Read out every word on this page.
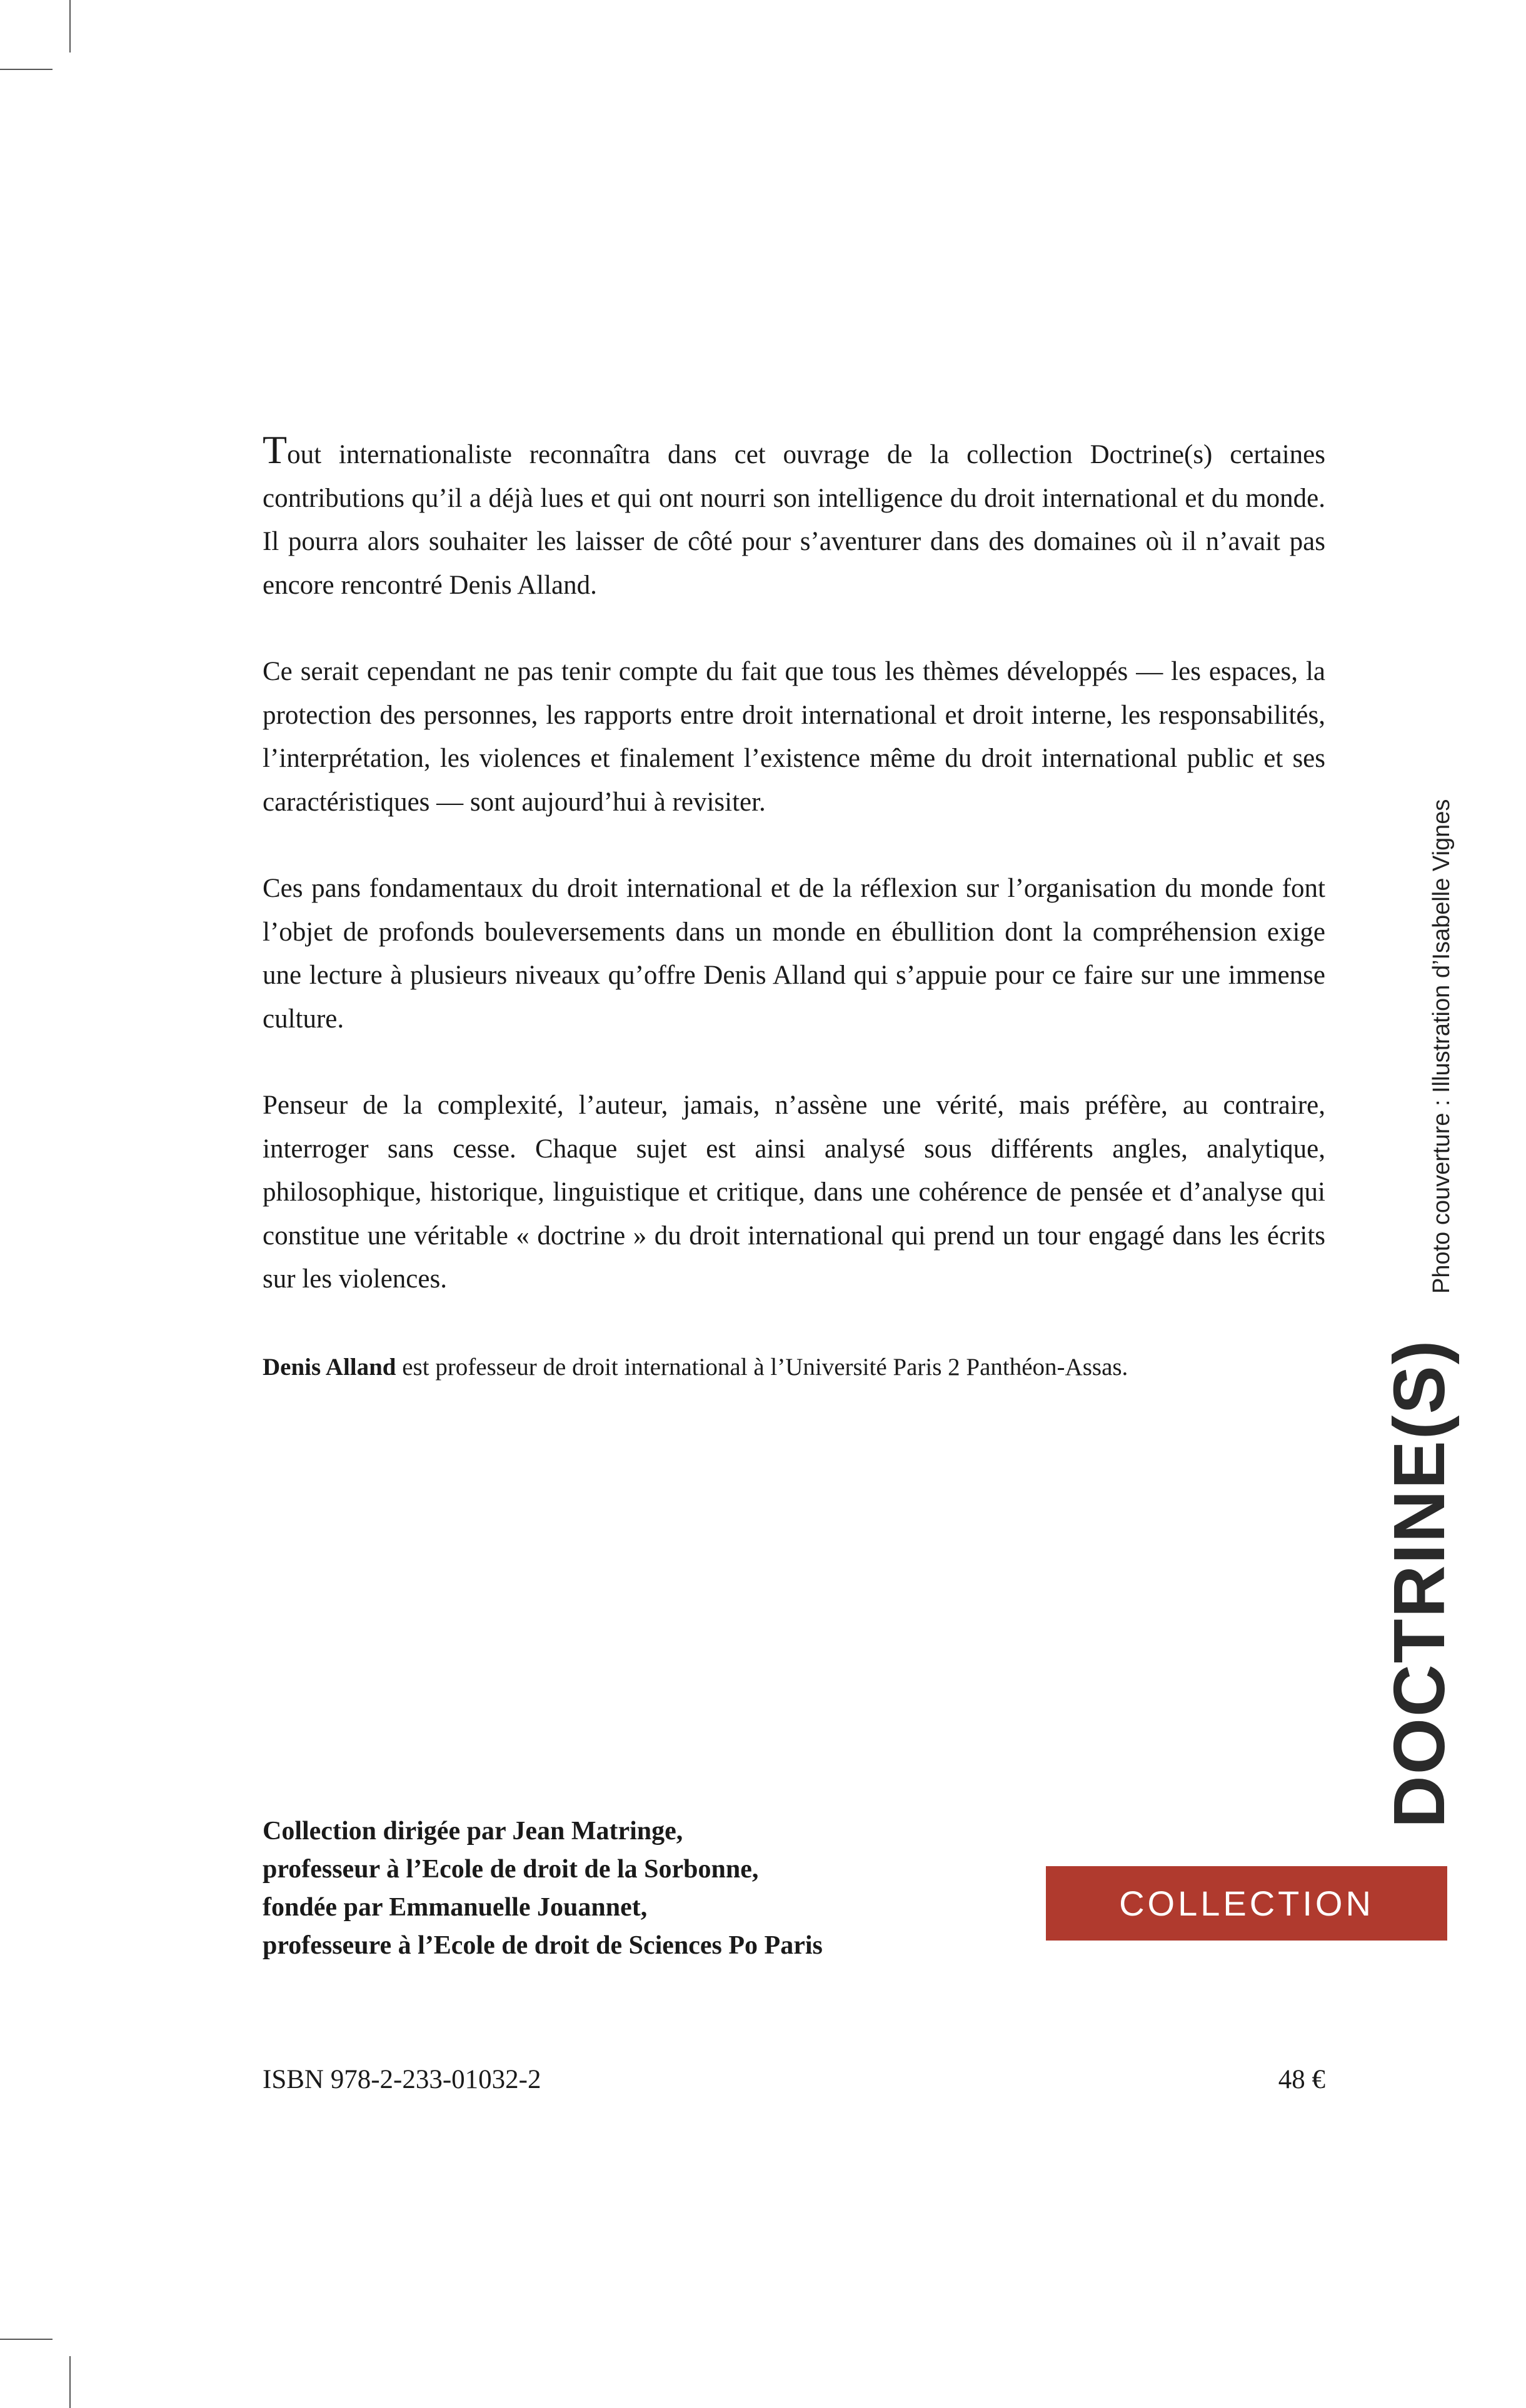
Tout internationaliste reconnaîtra dans cet ouvrage de la collection Doctrine(s) certaines contributions qu’il a déjà lues et qui ont nourri son intelligence du droit international et du monde. Il pourra alors souhaiter les laisser de côté pour s’aventurer dans des domaines où il n’avait pas encore rencontré Denis Alland.

Ce serait cependant ne pas tenir compte du fait que tous les thèmes développés — les espaces, la protection des personnes, les rapports entre droit international et droit interne, les responsabilités, l’interprétation, les violences et finalement l’existence même du droit international public et ses caractéristiques — sont aujourd’hui à revisiter.

Ces pans fondamentaux du droit international et de la réflexion sur l’organisation du monde font l’objet de profonds bouleversements dans un monde en ébullition dont la compréhension exige une lecture à plusieurs niveaux qu’offre Denis Alland qui s’appuie pour ce faire sur une immense culture.

Penseur de la complexité, l’auteur, jamais, n’assène une vérité, mais préfère, au contraire, interroger sans cesse. Chaque sujet est ainsi analysé sous différents angles, analytique, philosophique, historique, linguistique et critique, dans une cohérence de pensée et d’analyse qui constitue une véritable « doctrine » du droit international qui prend un tour engagé dans les écrits sur les violences.

Denis Alland est professeur de droit international à l’Université Paris 2 Panthéon-Assas.
Collection dirigée par Jean Matringe,
professeur à l’Ecole de droit de la Sorbonne,
fondée par Emmanuelle Jouannet,
professeure à l’Ecole de droit de Sciences Po Paris
ISBN 978-2-233-01032-2	48 €
Photo couverture : Illustration d’Isabelle Vignes
DOCTRINE(S)
COLLECTION
